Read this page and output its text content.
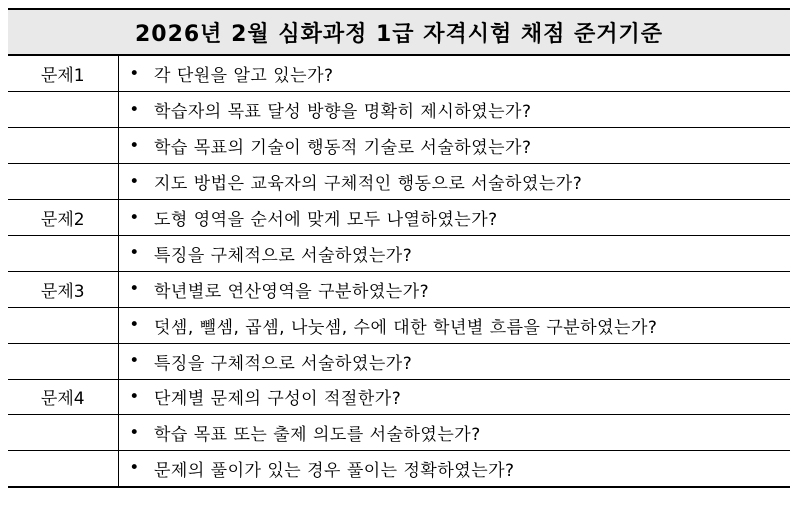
2026년 2월 심화과정 1급 자격시험 채점 준거기준
문제1	•	각 단원을 알고 있는가?
	•	학습자의 목표 달성 방향을 명확히 제시하였는가?
	•	학습 목표의 기술이 행동적 기술로 서술하였는가?
	•	지도 방법은 교육자의 구체적인 행동으로 서술하였는가?
문제2	•	도형 영역을 순서에 맞게 모두 나열하였는가?
	•	특징을 구체적으로 서술하였는가?
문제3	•	학년별로 연산영역을 구분하였는가?
	•	덧셈, 뺄셈, 곱셈, 나눗셈, 수에 대한 학년별 흐름을 구분하였는가?
	•	특징을 구체적으로 서술하였는가?
문제4	•	단계별 문제의 구성이 적절한가?
	•	학습 목표 또는 출제 의도를 서술하였는가?
	•	문제의 풀이가 있는 경우 풀이는 정확하였는가?
